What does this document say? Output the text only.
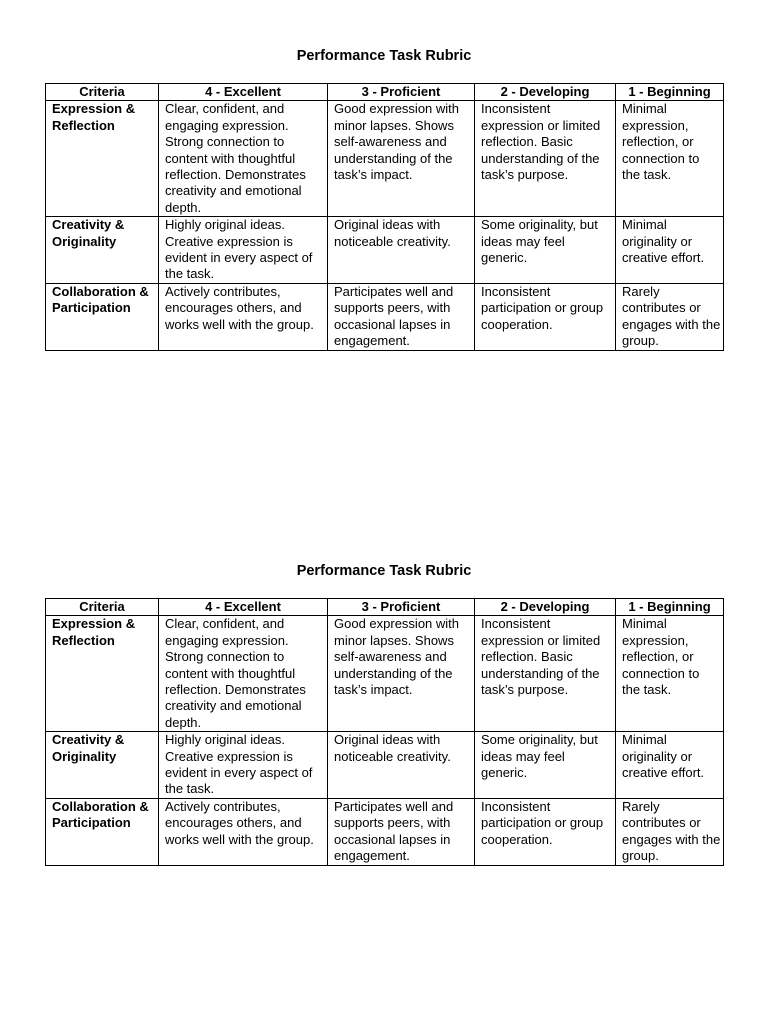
Performance Task Rubric
Criteria	4 - Excellent	3 - Proficient	2 - Developing	1 - Beginning
Expression & Reflection	Clear, confident, and engaging expression. Strong connection to content with thoughtful reflection. Demonstrates creativity and emotional depth.	Good expression with minor lapses. Shows self-awareness and understanding of the task’s impact.	Inconsistent expression or limited reflection. Basic understanding of the task’s purpose.	Minimal expression, reflection, or connection to the task.
Creativity & Originality	Highly original ideas. Creative expression is evident in every aspect of the task.	Original ideas with noticeable creativity.	Some originality, but ideas may feel generic.	Minimal originality or creative effort.
Collaboration & Participation	Actively contributes, encourages others, and works well with the group.	Participates well and supports peers, with occasional lapses in engagement.	Inconsistent participation or group cooperation.	Rarely contributes or engages with the group.
Performance Task Rubric
Criteria	4 - Excellent	3 - Proficient	2 - Developing	1 - Beginning
Expression & Reflection	Clear, confident, and engaging expression. Strong connection to content with thoughtful reflection. Demonstrates creativity and emotional depth.	Good expression with minor lapses. Shows self-awareness and understanding of the task’s impact.	Inconsistent expression or limited reflection. Basic understanding of the task’s purpose.	Minimal expression, reflection, or connection to the task.
Creativity & Originality	Highly original ideas. Creative expression is evident in every aspect of the task.	Original ideas with noticeable creativity.	Some originality, but ideas may feel generic.	Minimal originality or creative effort.
Collaboration & Participation	Actively contributes, encourages others, and works well with the group.	Participates well and supports peers, with occasional lapses in engagement.	Inconsistent participation or group cooperation.	Rarely contributes or engages with the group.
